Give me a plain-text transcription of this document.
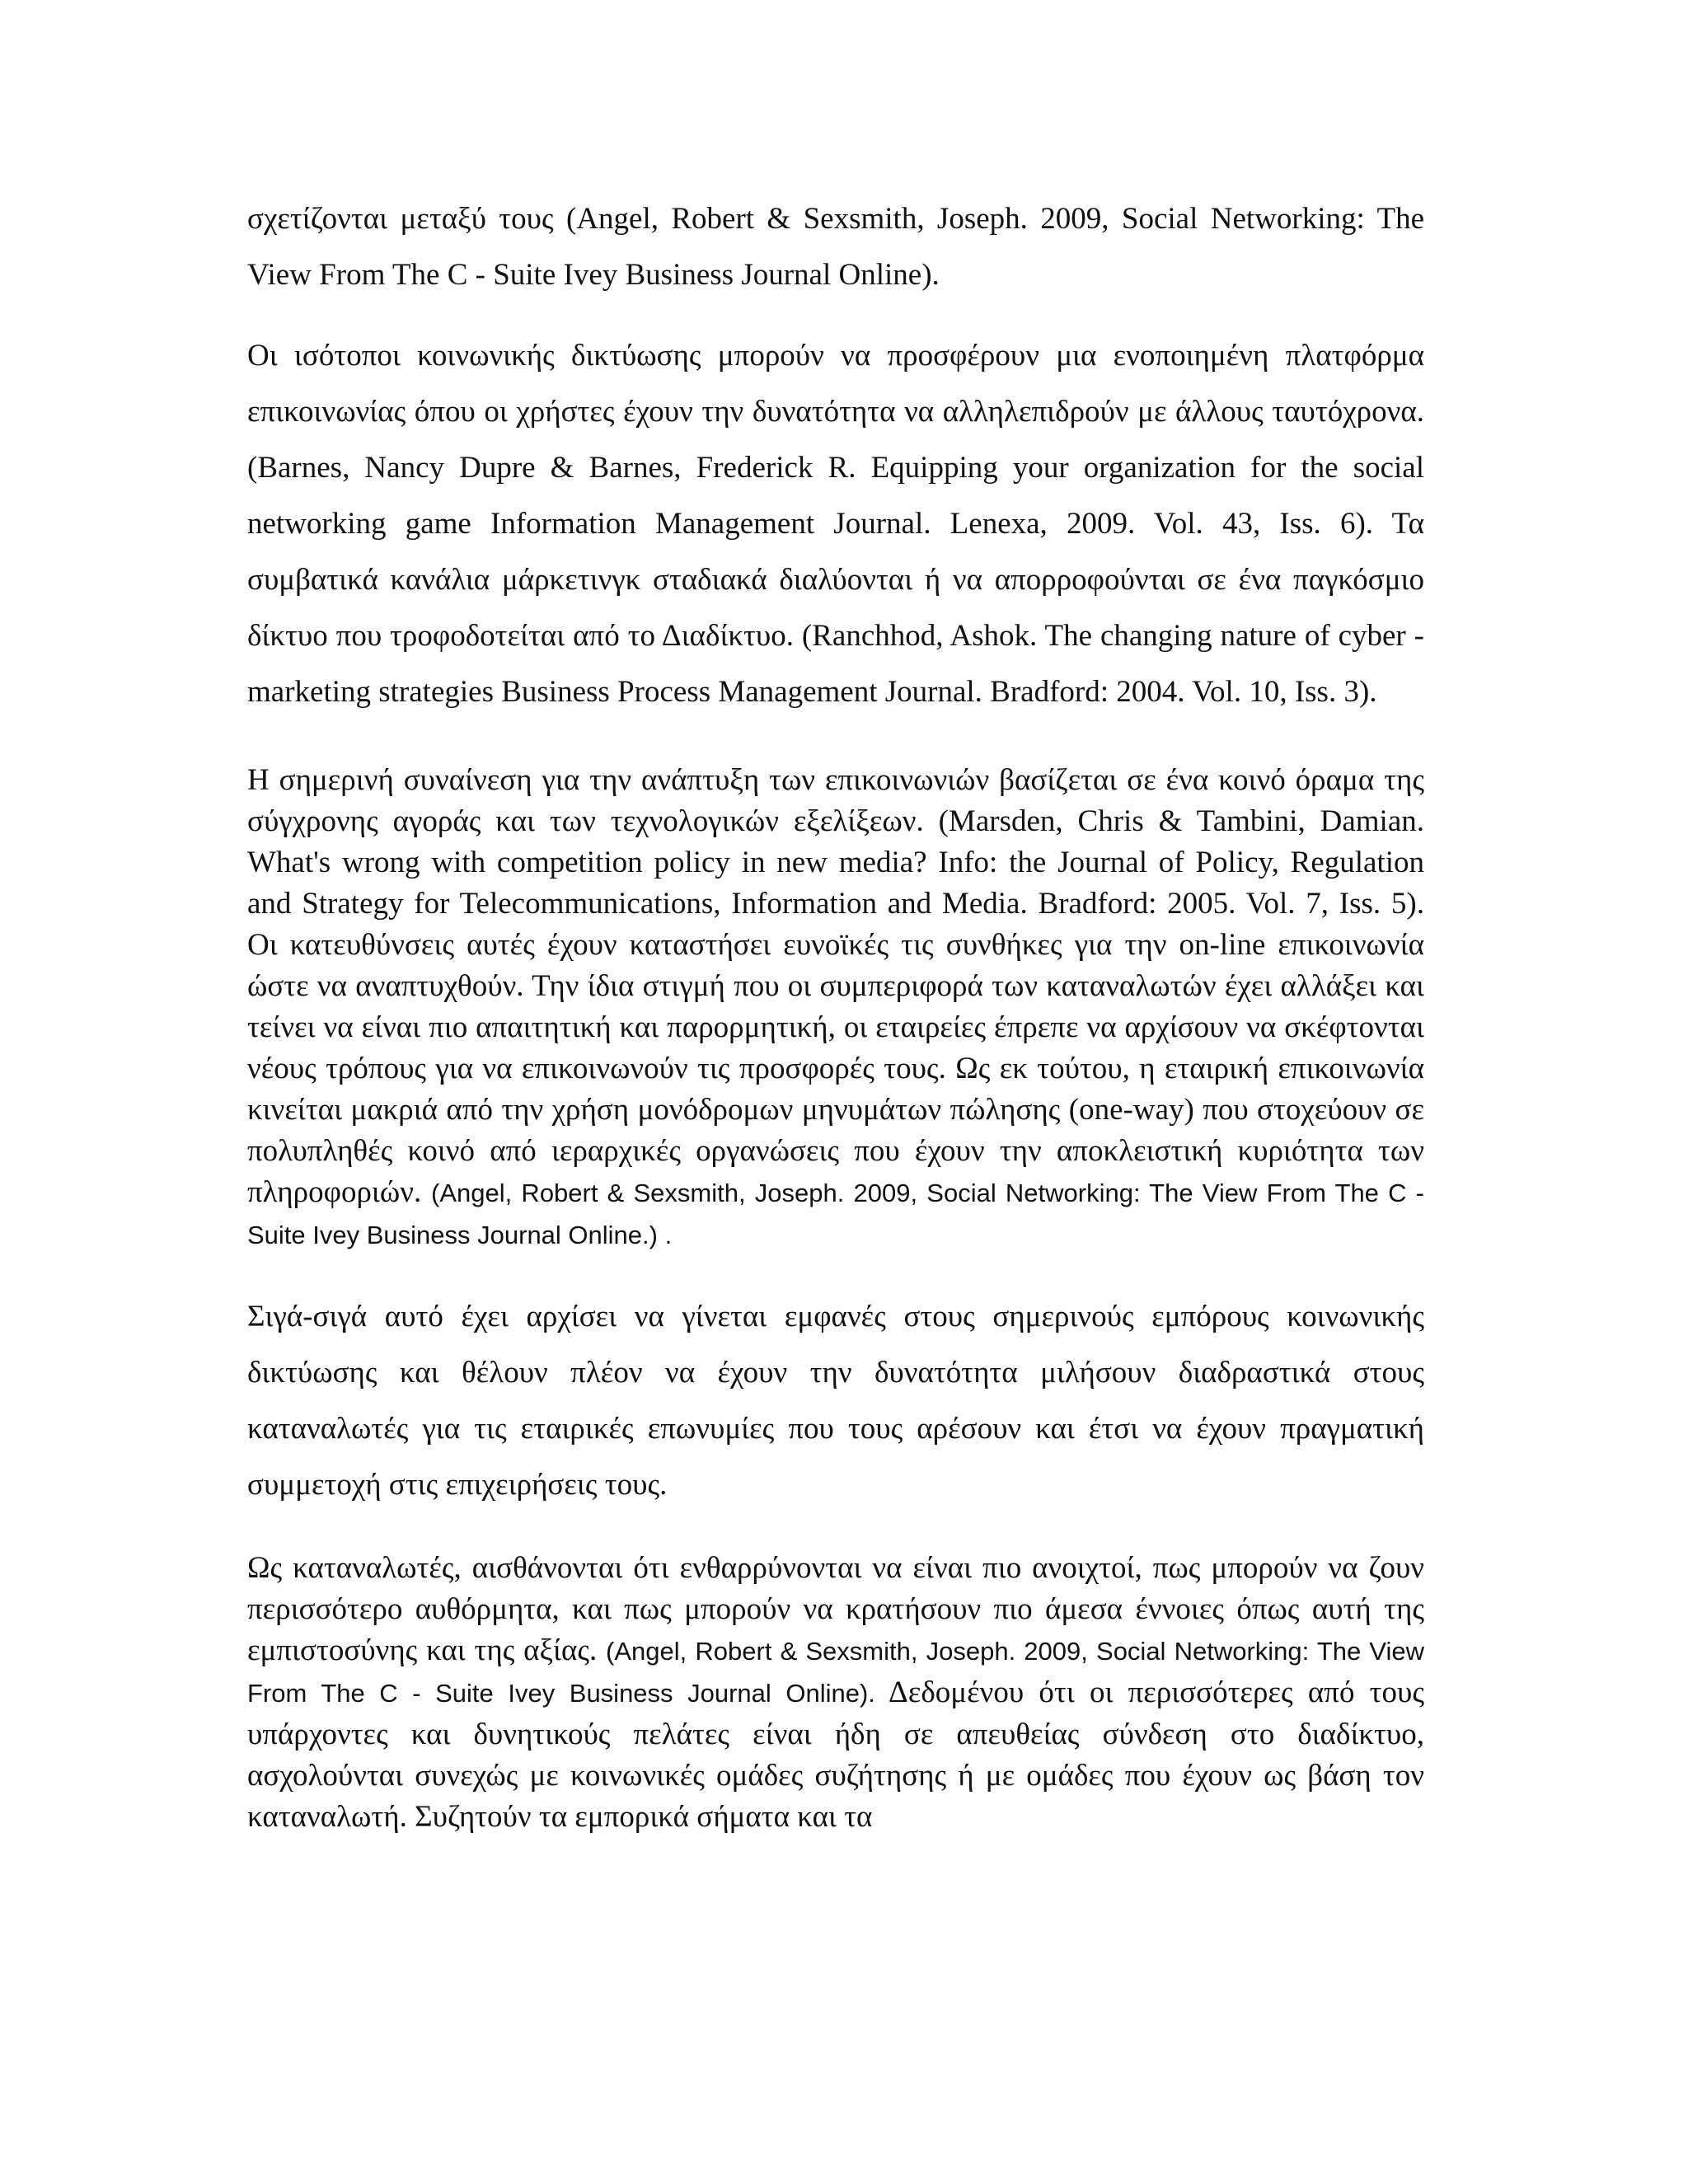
σχετίζονται μεταξύ τους (Angel, Robert & Sexsmith, Joseph. 2009, Social Networking: The View From The C - Suite Ivey Business Journal Online).

Οι ισότοποι κοινωνικής δικτύωσης μπορούν να προσφέρουν μια ενοποιημένη πλατφόρμα επικοινωνίας όπου οι χρήστες έχουν την δυνατότητα να αλληλεπιδρούν με άλλους ταυτόχρονα. (Barnes, Nancy Dupre & Barnes, Frederick R. Equipping your organization for the social networking game Information Management Journal. Lenexa, 2009. Vol. 43, Iss. 6). Τα συμβατικά κανάλια μάρκετινγκ σταδιακά διαλύονται ή να απορροφούνται σε ένα παγκόσμιο δίκτυο που τροφοδοτείται από το Διαδίκτυο. (Ranchhod, Ashok. The changing nature of cyber - marketing strategies Business Process Management Journal. Bradford: 2004. Vol. 10, Iss. 3).

Η σημερινή συναίνεση για την ανάπτυξη των επικοινωνιών βασίζεται σε ένα κοινό όραμα της σύγχρονης αγοράς και των τεχνολογικών εξελίξεων. (Marsden, Chris & Tambini, Damian. What's wrong with competition policy in new media? Info: the Journal of Policy, Regulation and Strategy for Telecommunications, Information and Media. Bradford: 2005. Vol. 7, Iss. 5). Οι κατευθύνσεις αυτές έχουν καταστήσει ευνοϊκές τις συνθήκες για την on-line επικοινωνία ώστε να αναπτυχθούν. Την ίδια στιγμή που οι συμπεριφορά των καταναλωτών έχει αλλάξει και τείνει να είναι πιο απαιτητική και παρορμητική, οι εταιρείες έπρεπε να αρχίσουν να σκέφτονται νέους τρόπους για να επικοινωνούν τις προσφορές τους. Ως εκ τούτου, η εταιρική επικοινωνία κινείται μακριά από την χρήση μονόδρομων μηνυμάτων πώλησης (one-way) που στοχεύουν σε πολυπληθές κοινό από ιεραρχικές οργανώσεις που έχουν την αποκλειστική κυριότητα των πληροφοριών. (Angel, Robert & Sexsmith, Joseph. 2009, Social Networking: The View From The C - Suite Ivey Business Journal Online.) .

Σιγά-σιγά αυτό έχει αρχίσει να γίνεται εμφανές στους σημερινούς εμπόρους κοινωνικής δικτύωσης και θέλουν πλέον να έχουν την δυνατότητα μιλήσουν διαδραστικά στους καταναλωτές για τις εταιρικές επωνυμίες που τους αρέσουν και έτσι να έχουν πραγματική συμμετοχή στις επιχειρήσεις τους.

Ως καταναλωτές, αισθάνονται ότι ενθαρρύνονται να είναι πιο ανοιχτοί, πως μπορούν να ζουν περισσότερο αυθόρμητα, και πως μπορούν να κρατήσουν πιο άμεσα έννοιες όπως αυτή της εμπιστοσύνης και της αξίας. (Angel, Robert & Sexsmith, Joseph. 2009, Social Networking: The View From The C - Suite Ivey Business Journal Online). Δεδομένου ότι οι περισσότερες από τους υπάρχοντες και δυνητικούς πελάτες είναι ήδη σε απευθείας σύνδεση στο διαδίκτυο, ασχολούνται συνεχώς με κοινωνικές ομάδες συζήτησης ή με ομάδες που έχουν ως βάση τον καταναλωτή. Συζητούν τα εμπορικά σήματα και τα
